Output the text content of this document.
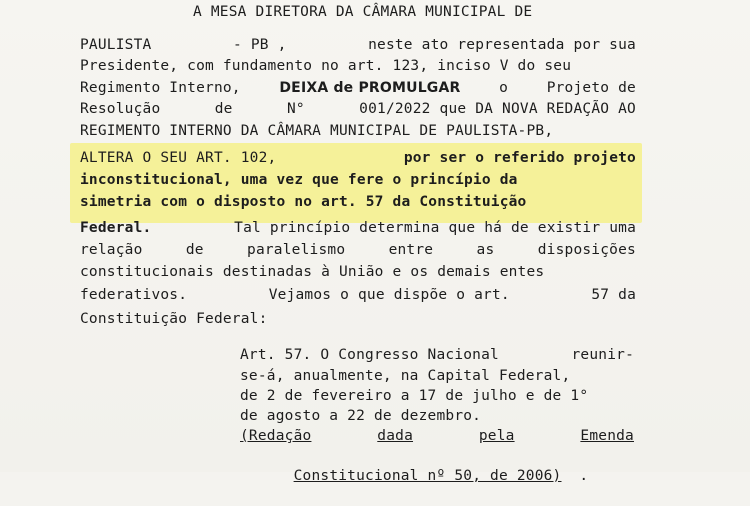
A MESA DIRETORA DA CÂMARA MUNICIPAL DE
PAULISTA	- PB ,	neste ato representada por sua
Presidente, com fundamento no art. 123, inciso V do seu
Regimento Interno,	DEIXA de PROMULGAR	o	Projeto de
Resolução	de	N°	001/2022 que DA NOVA REDAÇÃO AO
REGIMENTO INTERNO DA CÂMARA MUNICIPAL DE PAULISTA-PB,
ALTERA O SEU ART. 102,	por ser o referido projeto
inconstitucional, uma vez que fere o princípio da
simetria com o disposto no art. 57 da Constituição
Federal.	Tal princípio determina que há de existir uma
relação	de	paralelismo	entre	as	disposições
constitucionais destinadas à União e os demais entes
federativos.	Vejamos o que dispõe o art.	57 da
Constituição Federal:
Art. 57. O Congresso Nacional	reunir-
se-á, anualmente, na Capital Federal,
de 2 de fevereiro a 17 de julho e de 1°
de agosto a 22 de dezembro.
(Redação	dada	pela	Emenda

Constitucional nº 50, de 2006) .
